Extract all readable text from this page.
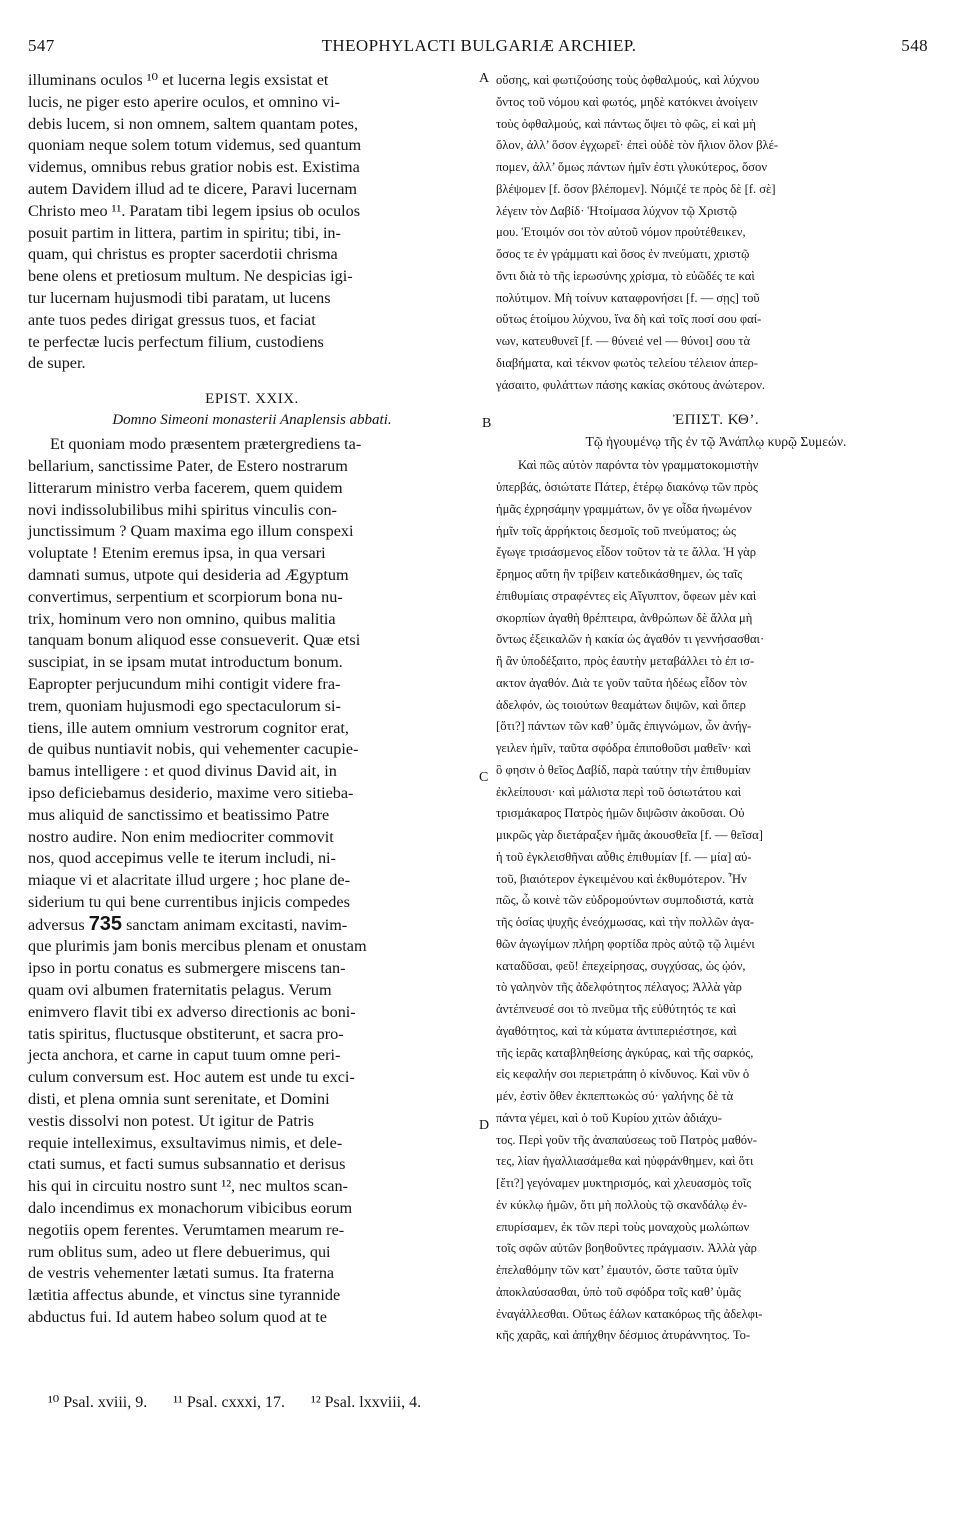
547	THEOPHYLACTI BULGARIÆ ARCHIEP.	548
A
B
C
D
illuminans oculos ¹⁰ et lucerna legis exsistat et
lucis, ne piger esto aperire oculos, et omnino vi-
debis lucem, si non omnem, saltem quantam potes,
quoniam neque solem totum videmus, sed quantum
videmus, omnibus rebus gratior nobis est. Existima
autem Davidem illud ad te dicere, Paravi lucernam
Christo meo ¹¹. Paratam tibi legem ipsius ob oculos
posuit partim in littera, partim in spiritu; tibi, in-
quam, qui christus es propter sacerdotii chrisma
bene olens et pretiosum multum. Ne despicias igi-
tur lucernam hujusmodi tibi paratam, ut lucens
ante tuos pedes dirigat gressus tuos, et faciat
te perfectæ lucis perfectum filium, custodiens
de super.
EPIST. XXIX.
Domno Simeoni monasterii Anaplensis abbati.
Et quoniam modo præsentem prætergrediens ta-
bellarium, sanctissime Pater, de Estero nostrarum
litterarum ministro verba facerem, quem quidem
novi indissolubilibus mihi spiritus vinculis con-
junctissimum ? Quam maxima ego illum conspexi
voluptate ! Etenim eremus ipsa, in qua versari
damnati sumus, utpote qui desideria ad Ægyptum
convertimus, serpentium et scorpiorum bona nu-
trix, hominum vero non omnino, quibus malitia
tanquam bonum aliquod esse consueverit. Quæ etsi
suscipiat, in se ipsam mutat introductum bonum.
Eapropter perjucundum mihi contigit videre fra-
trem, quoniam hujusmodi ego spectaculorum si-
tiens, ille autem omnium vestrorum cognitor erat,
de quibus nuntiavit nobis, qui vehementer cacupie-
bamus intelligere : et quod divinus David ait, in
ipso deficiebamus desiderio, maxime vero sitieba-
mus aliquid de sanctissimo et beatissimo Patre
nostro audire. Non enim mediocriter commovit
nos, quod accepimus velle te iterum includi, ni-
miaque vi et alacritate illud urgere ; hoc plane de-
siderium tu qui bene currentibus injicis compedes
adversus 735 sanctam animam excitasti, navim-
que plurimis jam bonis mercibus plenam et onustam
ipso in portu conatus es submergere miscens tan-
quam ovi albumen fraternitatis pelagus. Verum
enimvero flavit tibi ex adverso directionis ac boni-
tatis spiritus, fluctusque obstiterunt, et sacra pro-
jecta anchora, et carne in caput tuum omne peri-
culum conversum est. Hoc autem est unde tu exci-
disti, et plena omnia sunt serenitate, et Domini
vestis dissolvi non potest. Ut igitur de Patris
requie intelleximus, exsultavimus nimis, et dele-
ctati sumus, et facti sumus subsannatio et derisus
his qui in circuitu nostro sunt ¹², nec multos scan-
dalo incendimus ex monachorum vibicibus eorum
negotiis opem ferentes. Verumtamen mearum re-
rum oblitus sum, adeo ut flere debuerimus, qui
de vestris vehementer lætati sumus. Ita fraterna
lætitia affectus abunde, et vinctus sine tyrannide
abductus fui. Id autem habeo solum quod at te
οὔσης, καὶ φωτιζούσης τοὺς ὀφθαλμούς, καὶ λύχνου
ὄντος τοῦ νόμου καὶ φωτός, μηδὲ κατόκνει ἀνοίγειν
τοὺς ὀφθαλμούς, καὶ πάντως ὄψει τὸ φῶς, εἰ καὶ μὴ
ὅλον, ἀλλ’ ὅσον ἐγχωρεῖ· ἐπεὶ οὐδὲ τὸν ἥλιον ὅλον βλέ-
πομεν, ἀλλ’ ὅμως πάντων ἡμῖν ἐστι γλυκύτερος, ὅσον
βλέψομεν [f. ὅσον βλέπομεν]. Νόμιζέ τε πρὸς δὲ [f. σὲ]
λέγειν τὸν Δαβίδ· Ἡτοίμασα λύχνον τῷ Χριστῷ
μου. Ἑτοιμόν σοι τὸν αὐτοῦ νόμον προὐτέθεικεν,
ὅσος τε ἐν γράμματι καὶ ὅσος ἐν πνεύματι, χριστῷ
ὄντι διὰ τὸ τῆς ἱερωσύνης χρίσμα, τὸ εὐῶδές τε καὶ
πολύτιμον. Μὴ τοίνυν καταφρονήσει [f. — σῃς] τοῦ
οὕτως ἑτοίμου λύχνου, ἵνα δὴ καὶ τοῖς ποσί σου φαί-
νων, κατευθυνεῖ [f. — θύνειέ vel — θύνοι] σου τὰ
διαβήματα, καὶ τέκνον φωτὸς τελείου τέλειον ἀπερ-
γάσαιτο, φυλάττων πάσης κακίας σκότους ἀνώτερον.
ἘΠΙΣΤ. ΚΘ’.
Τῷ ἡγουμένῳ τῆς ἐν τῷ Ἀνάπλῳ κυρῷ Συμεών.
Καὶ πῶς αὐτὸν παρόντα τὸν γραμματοκομιστὴν
ὑπερβάς, ὁσιώτατε Πάτερ, ἑτέρῳ διακόνῳ τῶν πρὸς
ἡμᾶς ἐχρησάμην γραμμάτων, ὅν γε οἶδα ἡνωμένον
ἡμῖν τοῖς ἀρρήκτοις δεσμοῖς τοῦ πνεύματος; ὡς
ἔγωγε τρισάσμενος εἶδον τοῦτον τὰ τε ἄλλα. Ἡ γὰρ
ἔρημος αὕτη ἣν τρίβειν κατεδικάσθημεν, ὡς ταῖς
ἐπιθυμίαις στραφέντες εἰς Αἴγυπτον, ὄφεων μὲν καὶ
σκορπίων ἀγαθὴ θρέπτειρα, ἀνθρώπων δὲ ἄλλα μὴ
ὄντως ἐξεικαλῶν ἡ κακία ὡς ἀγαθόν τι γεννήσασθαι·
ἢ ἂν ὑποδέξαιτο, πρὸς ἑαυτὴν μεταβάλλει τὸ ἐπ ισ-
ακτον ἀγαθόν. Διὰ τε γοῦν ταῦτα ἡδέως εἶδον τὸν
ἀδελφόν, ὡς τοιούτων θεαμάτων διψῶν, καὶ ὅπερ
[ὅτι?] πάντων τῶν καθ’ ὑμᾶς ἐπιγνώμων, ὧν ἀνήγ-
γειλεν ἡμῖν, ταῦτα σφόδρα ἐπιποθοῦσι μαθεῖν· καὶ
ὃ φησιν ὁ θεῖος Δαβίδ, παρὰ ταύτην τὴν ἐπιθυμίαν
ἐκλείπουσι· καὶ μάλιστα περὶ τοῦ ὁσιωτάτου καὶ
τρισμάκαρος Πατρὸς ἡμῶν διψῶσιν ἀκοῦσαι. Οὐ
μικρῶς γὰρ διετάραξεν ἡμᾶς ἀκουσθεῖα [f. — θεῖσα]
ἡ τοῦ ἐγκλεισθῆναι αὖθις ἐπιθυμίαν [f. — μία] αὐ-
τοῦ, βιαιότερον ἐγκειμένου καὶ ἐκθυμότερον. Ἦν
πῶς, ὦ κοινὲ τῶν εὐδρομούντων συμποδιστά, κατὰ
τῆς ὁσίας ψυχῆς ἐνεόχμωσας, καὶ τὴν πολλῶν ἀγα-
θῶν ἀγωγίμων πλήρη φορτίδα πρὸς αὐτῷ τῷ λιμένι
καταδῦσαι, φεῦ! ἐπεχείρησας, συγχύσας, ὡς ᾠόν,
τὸ γαληνὸν τῆς ἀδελφότητος πέλαγος; Ἀλλὰ γὰρ
ἀντέπνευσέ σοι τὸ πνεῦμα τῆς εὐθύτητός τε καὶ
ἀγαθότητος, καὶ τὰ κύματα ἀντιπεριέστησε, καὶ
τῆς ἱερᾶς καταβληθείσης ἀγκύρας, καὶ τῆς σαρκός,
εἰς κεφαλήν σοι περιετράπη ὁ κίνδυνος. Καὶ νῦν ὁ
μέν, ἐστὶν ὅθεν ἐκπεπτωκὼς σύ· γαλήνης δὲ τὰ
πάντα γέμει, καὶ ὁ τοῦ Κυρίου χιτὼν ἀδιάχυ-
τος. Περὶ γοῦν τῆς ἀναπαύσεως τοῦ Πατρὸς μαθόν-
τες, λίαν ἠγαλλιασάμεθα καὶ ηὐφράνθημεν, καὶ ὅτι
[ἔτι?] γεγόναμεν μυκτηρισμός, καὶ χλευασμὸς τοῖς
ἐν κύκλῳ ἡμῶν, ὅτι μὴ πολλοὺς τῷ σκανδάλῳ ἐν-
επυρίσαμεν, ἐκ τῶν περὶ τοὺς μοναχοὺς μωλώπων
τοῖς σφῶν αὐτῶν βοηθοῦντες πράγμασιν. Ἀλλὰ γὰρ
ἐπελαθόμην τῶν κατ’ ἐμαυτόν, ὥστε ταῦτα ὑμῖν
ἀποκλαύσασθαι, ὑπὸ τοῦ σφόδρα τοῖς καθ’ ὑμᾶς
ἐναγάλλεσθαι. Οὕτως ἑάλων κατακόρως τῆς ἀδελφι-
κῆς χαρᾶς, καὶ ἀπήχθην δέσμιος ἀτυράννητος. Το-
¹⁰ Psal. xviii, 9. ¹¹ Psal. cxxxi, 17. ¹² Psal. lxxviii, 4.
